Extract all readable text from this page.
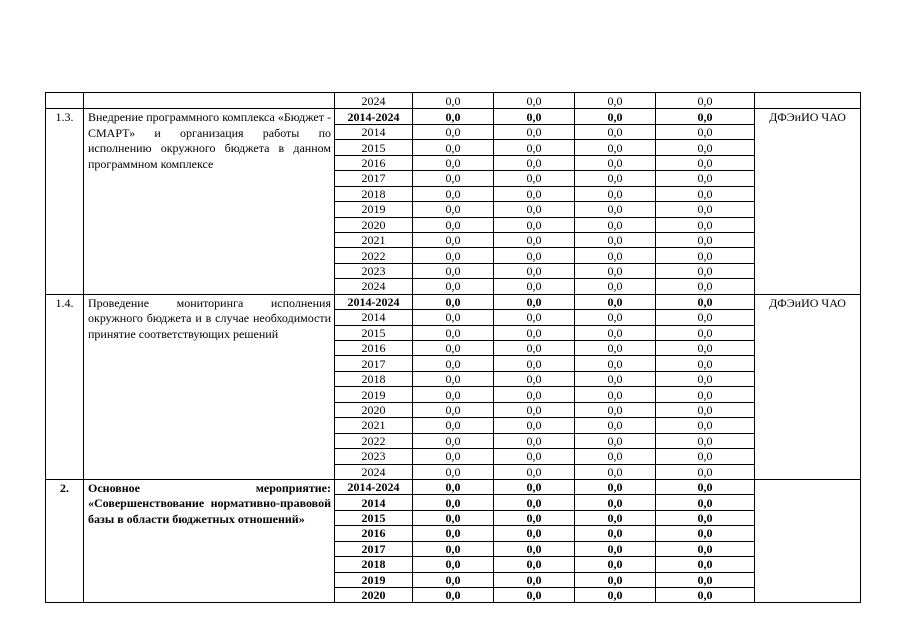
		2024	0,0	0,0	0,0	0,0	
1.3.	Внедрение программного комплекса «Бюджет - СМАРТ» и организация работы по исполнению окружного бюджета в данном программном комплексе	2014-2024	0,0	0,0	0,0	0,0	ДФЭиИО ЧАО
		2014	0,0	0,0	0,0	0,0	
		2015	0,0	0,0	0,0	0,0	
		2016	0,0	0,0	0,0	0,0	
		2017	0,0	0,0	0,0	0,0	
		2018	0,0	0,0	0,0	0,0	
		2019	0,0	0,0	0,0	0,0	
		2020	0,0	0,0	0,0	0,0	
		2021	0,0	0,0	0,0	0,0	
		2022	0,0	0,0	0,0	0,0	
		2023	0,0	0,0	0,0	0,0	
		2024	0,0	0,0	0,0	0,0	
1.4.	Проведение мониторинга исполнения окружного бюджета и в случае необходимости принятие соответствующих решений	2014-2024	0,0	0,0	0,0	0,0	ДФЭиИО ЧАО
		2014	0,0	0,0	0,0	0,0	
		2015	0,0	0,0	0,0	0,0	
		2016	0,0	0,0	0,0	0,0	
		2017	0,0	0,0	0,0	0,0	
		2018	0,0	0,0	0,0	0,0	
		2019	0,0	0,0	0,0	0,0	
		2020	0,0	0,0	0,0	0,0	
		2021	0,0	0,0	0,0	0,0	
		2022	0,0	0,0	0,0	0,0	
		2023	0,0	0,0	0,0	0,0	
		2024	0,0	0,0	0,0	0,0	
2.	Основное мероприятие: «Совершенствование нормативно-правовой базы в области бюджетных отношений»	2014-2024	0,0	0,0	0,0	0,0	
		2014	0,0	0,0	0,0	0,0	
		2015	0,0	0,0	0,0	0,0	
		2016	0,0	0,0	0,0	0,0	
		2017	0,0	0,0	0,0	0,0	
		2018	0,0	0,0	0,0	0,0	
		2019	0,0	0,0	0,0	0,0	
		2020	0,0	0,0	0,0	0,0	
